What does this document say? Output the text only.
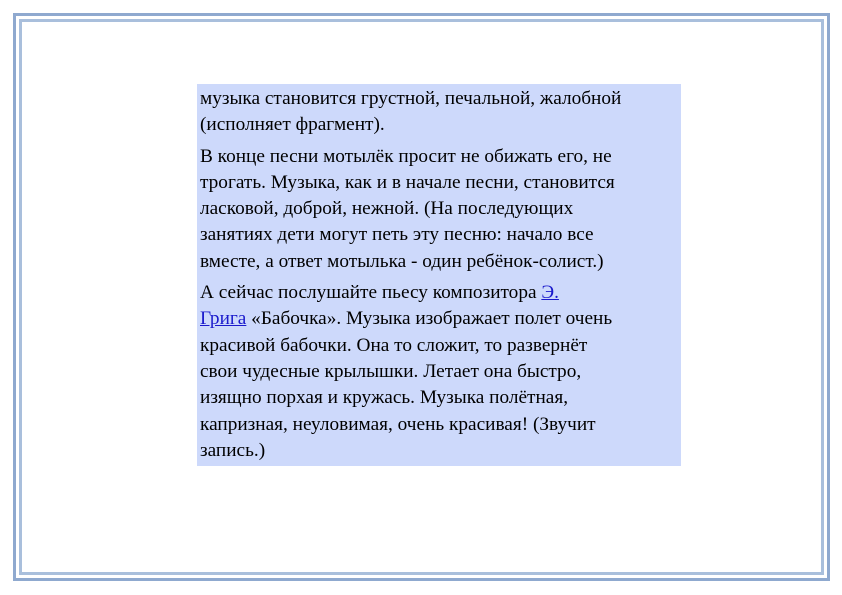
музыка становится грустной, печальной, жалобной
(исполняет фрагмент).

В конце песни мотылёк просит не обижать его, не
трогать. Музыка, как и в начале песни, становится
ласковой, доброй, нежной. (На последующих
занятиях дети могут петь эту песню: начало все
вместе, а ответ мотылька - один ребёнок-солист.)

А сейчас послушайте пьесу композитора Э.
Грига «Бабочка». Музыка изображает полет очень
красивой бабочки. Она то сложит, то развернёт
свои чудесные крылышки. Летает она быстро,
изящно порхая и кружась. Музыка полётная,
капризная, неуловимая, очень красивая! (Звучит
запись.)
